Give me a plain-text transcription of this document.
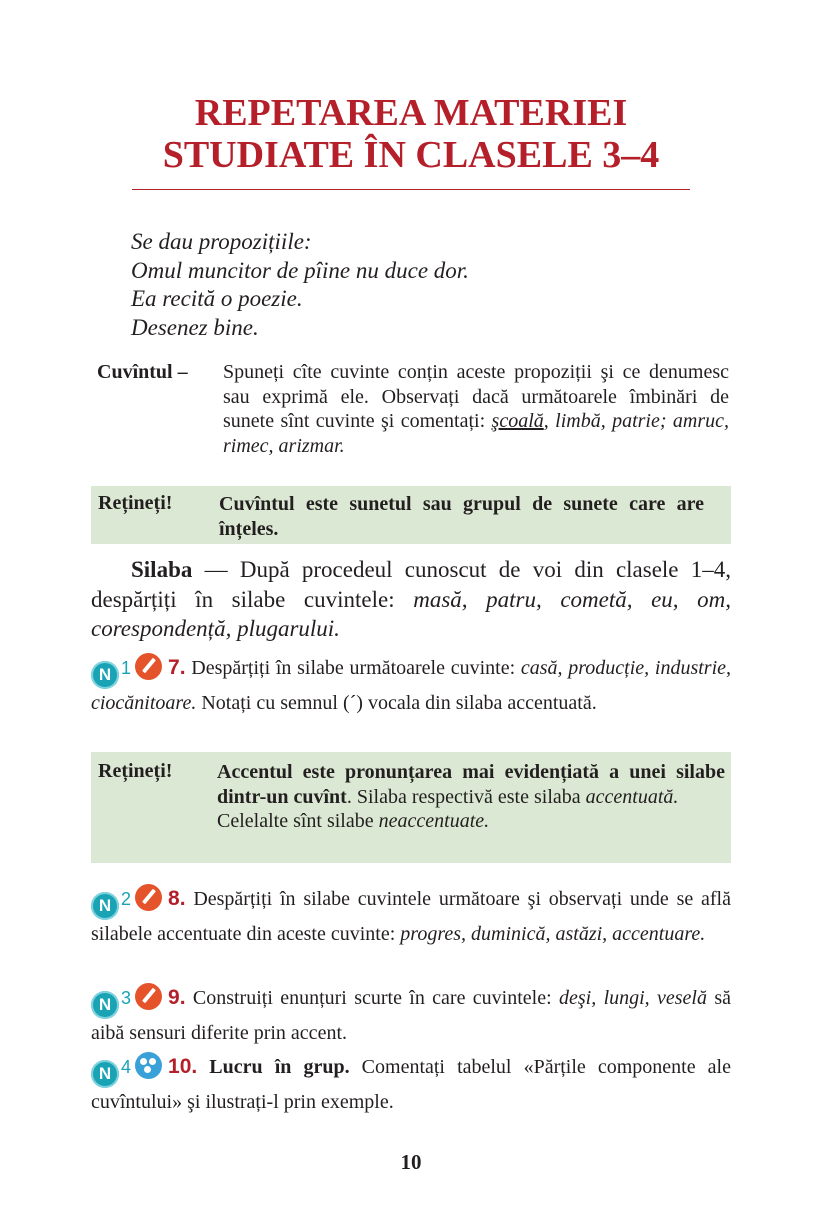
REPETAREA MATERIEI
STUDIATE ÎN CLASELE 3–4
Se dau propozițiile:
Omul muncitor de pîine nu duce dor.
Ea recită o poezie.
Desenez bine.
Cuvîntul – Spuneți cîte cuvinte conțin aceste propoziții şi ce denumesc sau exprimă ele. Observați dacă următoarele îmbinări de sunete sînt cuvinte şi comentați: şcoală, limbă, patrie; amruc, rimec, arizmar.
Rețineți! Cuvîntul este sunetul sau grupul de sunete care are înțeles.
Silaba — După procedeul cunoscut de voi din clasele 1–4, despărțiți în silabe cuvintele: masă, patru, cometă, eu, om, corespondență, plugarului.
N 1 7. Despărțiți în silabe următoarele cuvinte: casă, producție, industrie, ciocănitoare. Notați cu semnul (´) vocala din silaba accentuată.
Rețineți! Accentul este pronunțarea mai evidențiată a unei silabe dintr-un cuvînt. Silaba respectivă este silaba accentuată.
Celelalte sînt silabe neaccentuate.
N 2 8. Despărțiți în silabe cuvintele următoare şi observați unde se află silabele accentuate din aceste cuvinte: progres, duminică, astăzi, accentuare.
N 3 9. Construiți enunțuri scurte în care cuvintele: deşi, lungi, veselă să aibă sensuri diferite prin accent.
N 4 10. Lucru în grup. Comentați tabelul «Părțile componente ale cuvîntului» şi ilustrați-l prin exemple.
10
